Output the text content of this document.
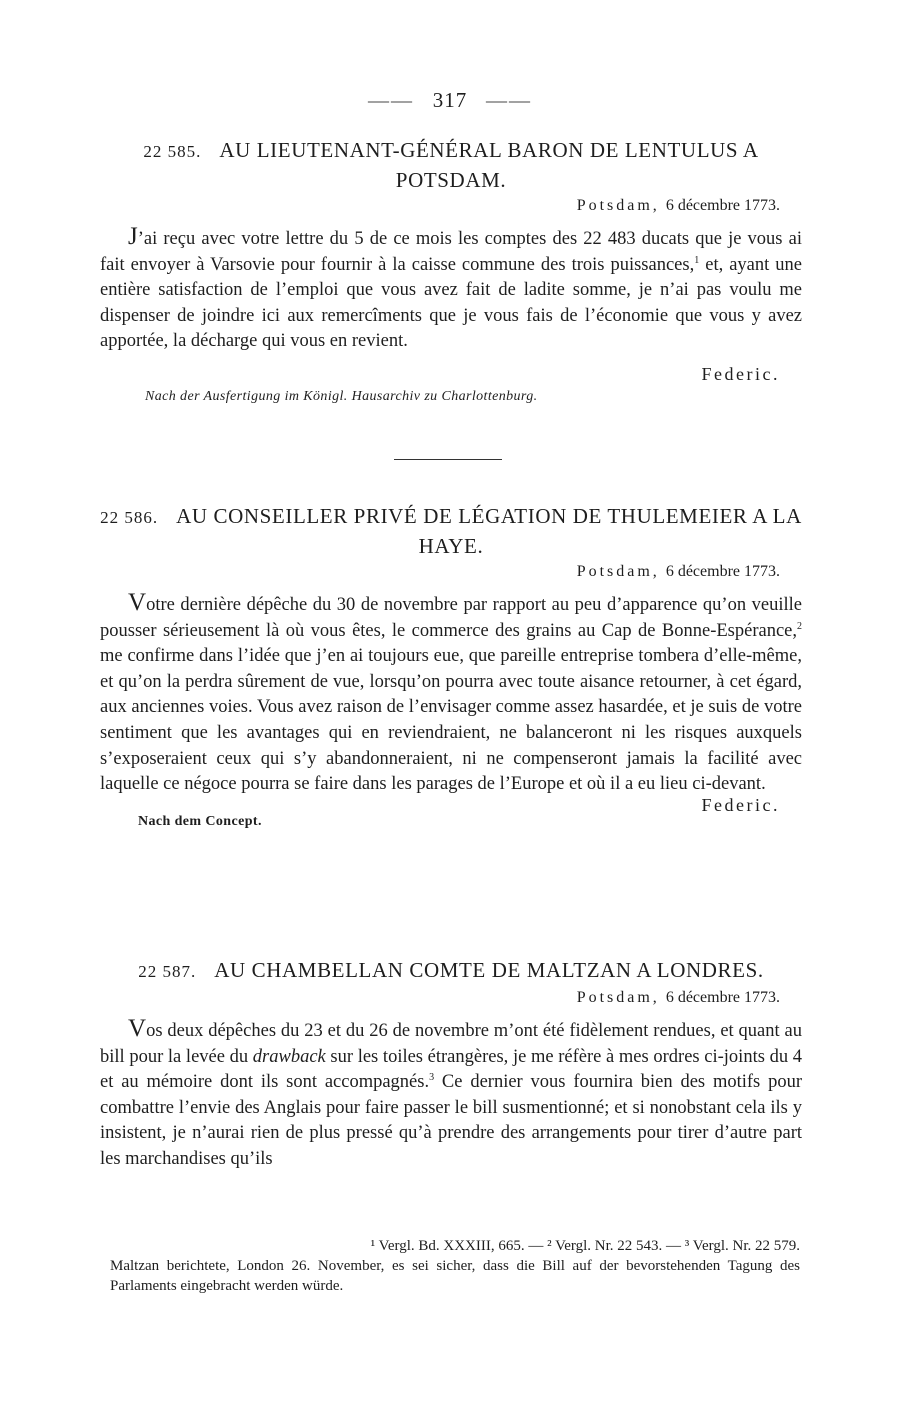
—— 317 ——
22 585. AU LIEUTENANT-GÉNÉRAL BARON DE LENTULUS A POTSDAM.
Potsdam, 6 décembre 1773.

J’ai reçu avec votre lettre du 5 de ce mois les comptes des 22 483 ducats que je vous ai fait envoyer à Varsovie pour fournir à la caisse commune des trois puissances,$^1$ et, ayant une entière satisfaction de l’emploi que vous avez fait de ladite somme, je n’ai pas voulu me dispenser de joindre ici aux remercîments que je vous fais de l’économie que vous y avez apportée, la décharge qui vous en revient.

Federic.
Nach der Ausfertigung im Königl. Hausarchiv zu Charlottenburg.
22 586. AU CONSEILLER PRIVÉ DE LÉGATION DE THULEMEIER A LA HAYE.
Potsdam, 6 décembre 1773.

Votre dernière dépêche du 30 de novembre par rapport au peu d’apparence qu’on veuille pousser sérieusement là où vous êtes, le commerce des grains au Cap de Bonne-Espérance,$^2$ me confirme dans l’idée que j’en ai toujours eue, que pareille entreprise tombera d’elle-même, et qu’on la perdra sûrement de vue, lorsqu’on pourra avec toute aisance retourner, à cet égard, aux anciennes voies. Vous avez raison de l’envisager comme assez hasardée, et je suis de votre sentiment que les avantages qui en reviendraient, ne balanceront ni les risques auxquels s’exposeraient ceux qui s’y abandonneraient, ni ne compenseront jamais la facilité avec laquelle ce négoce pourra se faire dans les parages de l’Europe et où il a eu lieu ci-devant.

Federic.
Nach dem Concept.
22 587. AU CHAMBELLAN COMTE DE MALTZAN A LONDRES.
Potsdam, 6 décembre 1773.

Vos deux dépêches du 23 et du 26 de novembre m’ont été fidèlement rendues, et quant au bill pour la levée du drawback sur les toiles étrangères, je me réfère à mes ordres ci-joints du 4 et au mémoire dont ils sont accompagnés.$^3$ Ce dernier vous fournira bien des motifs pour combattre l’envie des Anglais pour faire passer le bill susmentionné; et si nonobstant cela ils y insistent, je n’aurai rien de plus pressé qu’à prendre des arrangements pour tirer d’autre part les marchandises qu’ils

¹ Vergl. Bd. XXXIII, 665. — ² Vergl. Nr. 22 543. — ³ Vergl. Nr. 22 579.
Maltzan berichtete, London 26. November, es sei sicher, dass die Bill auf der bevorstehenden Tagung des Parlaments eingebracht werden würde.
